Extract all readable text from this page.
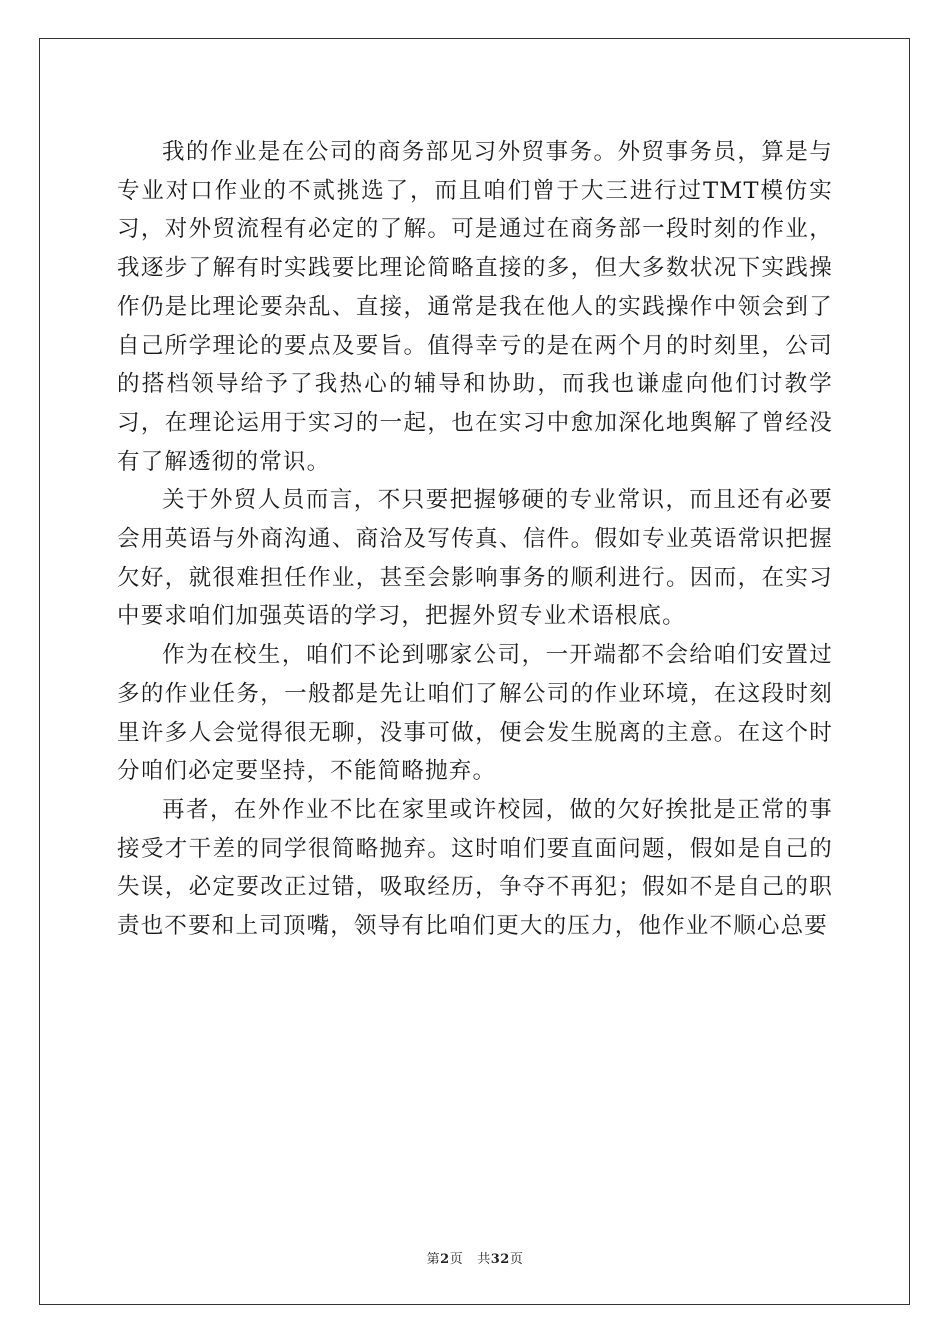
我的作业是在公司的商务部见习外贸事务。外贸事务员，算是与专业对口作业的不贰挑选了，而且咱们曾于大三进行过TMT模仿实习，对外贸流程有必定的了解。可是通过在商务部一段时刻的作业，我逐步了解有时实践要比理论简略直接的多，但大多数状况下实践操作仍是比理论要杂乱、直接，通常是我在他人的实践操作中领会到了自己所学理论的要点及要旨。值得幸亏的是在两个月的时刻里，公司的搭档领导给予了我热心的辅导和协助，而我也谦虚向他们讨教学习，在理论运用于实习的一起，也在实习中愈加深化地舆解了曾经没有了解透彻的常识。

关于外贸人员而言，不只要把握够硬的专业常识，而且还有必要会用英语与外商沟通、商洽及写传真、信件。假如专业英语常识把握欠好，就很难担任作业，甚至会影响事务的顺利进行。因而，在实习中要求咱们加强英语的学习，把握外贸专业术语根底。

作为在校生，咱们不论到哪家公司，一开端都不会给咱们安置过多的作业任务，一般都是先让咱们了解公司的作业环境，在这段时刻里许多人会觉得很无聊，没事可做，便会发生脱离的主意。在这个时分咱们必定要坚持，不能简略抛弃。

再者，在外作业不比在家里或许校园，做的欠好挨批是正常的事接受才干差的同学很简略抛弃。这时咱们要直面问题，假如是自己的失误，必定要改正过错，吸取经历，争夺不再犯；假如不是自己的职责也不要和上司顶嘴，领导有比咱们更大的压力，他作业不顺心总要

第2页 共32页
